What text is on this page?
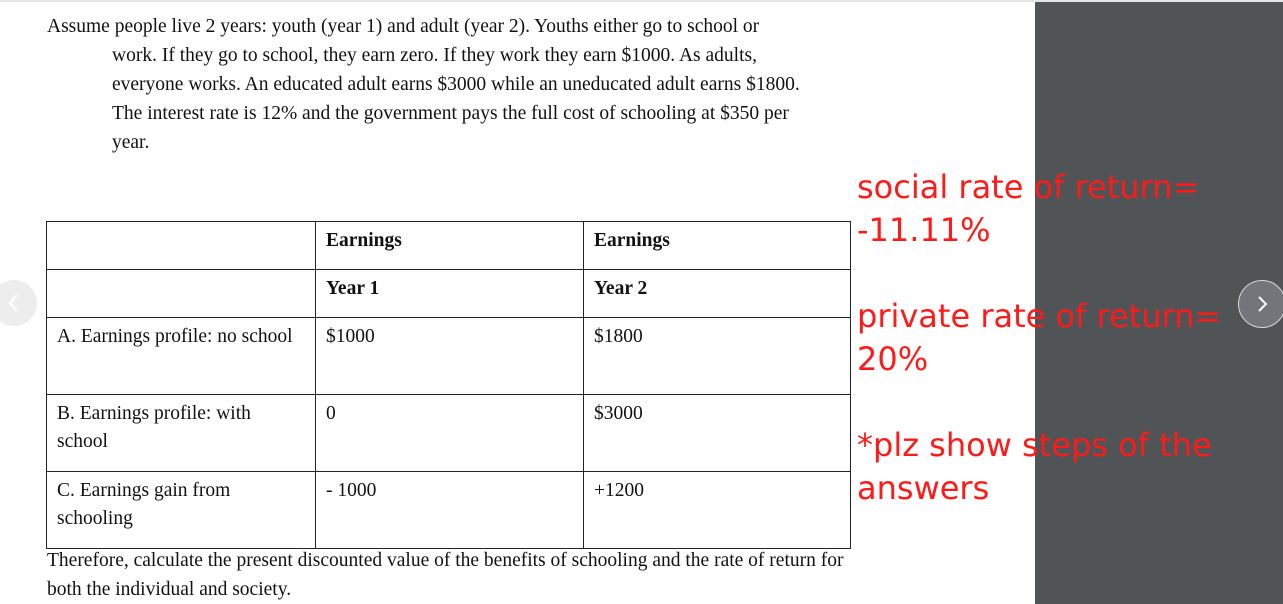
Assume people live 2 years: youth (year 1) and adult (year 2). Youths either go to school or

work. If they go to school, they earn zero. If they work they earn $1000. As adults,

everyone works. An educated adult earns $3000 while an uneducated adult earns $1800.

The interest rate is 12% and the government pays the full cost of schooling at $350 per

year.

	Earnings	Earnings
	Year 1	Year 2
A. Earnings profile: no school	$1000	$1800
B. Earnings profile: with school	0	$3000
C. Earnings gain from schooling	- 1000	+1200
Therefore, calculate the present discounted value of the benefits of schooling and the rate of return for both the individual and society.
social rate of return=
-11.11%
private rate of return=
20%
*plz show steps of the
answers
